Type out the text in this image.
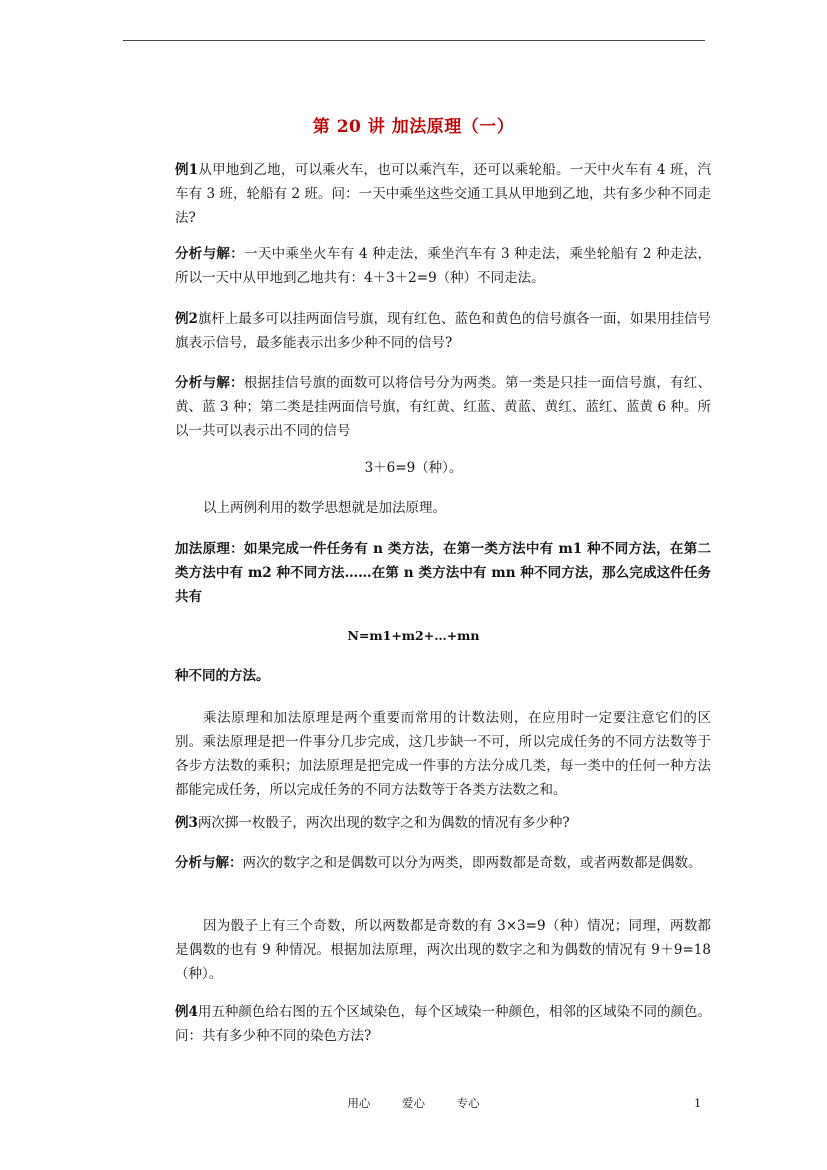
第 20 讲 加法原理（一）

例1从甲地到乙地，可以乘火车，也可以乘汽车，还可以乘轮船。一天中火车有 4 班，汽车有 3 班，轮船有 2 班。问：一天中乘坐这些交通工具从甲地到乙地，共有多少种不同走法?

分析与解：一天中乘坐火车有 4 种走法，乘坐汽车有 3 种走法，乘坐轮船有 2 种走法，所以一天中从甲地到乙地共有：4＋3＋2=9（种）不同走法。

例2旗杆上最多可以挂两面信号旗，现有红色、蓝色和黄色的信号旗各一面，如果用挂信号旗表示信号，最多能表示出多少种不同的信号?

分析与解：根据挂信号旗的面数可以将信号分为两类。第一类是只挂一面信号旗，有红、黄、蓝 3 种；第二类是挂两面信号旗，有红黄、红蓝、黄蓝、黄红、蓝红、蓝黄 6 种。所以一共可以表示出不同的信号

3＋6=9（种）。

以上两例利用的数学思想就是加法原理。

加法原理：如果完成一件任务有 n 类方法，在第一类方法中有 m1 种不同方法，在第二类方法中有 m2 种不同方法……在第 n 类方法中有 mn 种不同方法，那么完成这件任务共有

N=m1+m2+…+mn

种不同的方法。

乘法原理和加法原理是两个重要而常用的计数法则，在应用时一定要注意它们的区别。乘法原理是把一件事分几步完成，这几步缺一不可，所以完成任务的不同方法数等于各步方法数的乘积；加法原理是把完成一件事的方法分成几类，每一类中的任何一种方法都能完成任务，所以完成任务的不同方法数等于各类方法数之和。

例3两次掷一枚骰子，两次出现的数字之和为偶数的情况有多少种?

分析与解：两次的数字之和是偶数可以分为两类，即两数都是奇数，或者两数都是偶数。

因为骰子上有三个奇数，所以两数都是奇数的有 3×3=9（种）情况；同理，两数都是偶数的也有 9 种情况。根据加法原理，两次出现的数字之和为偶数的情况有 9＋9=18（种）。

例4用五种颜色给右图的五个区域染色，每个区域染一种颜色，相邻的区域染不同的颜色。问：共有多少种不同的染色方法?

用心	爱心	专心	1
